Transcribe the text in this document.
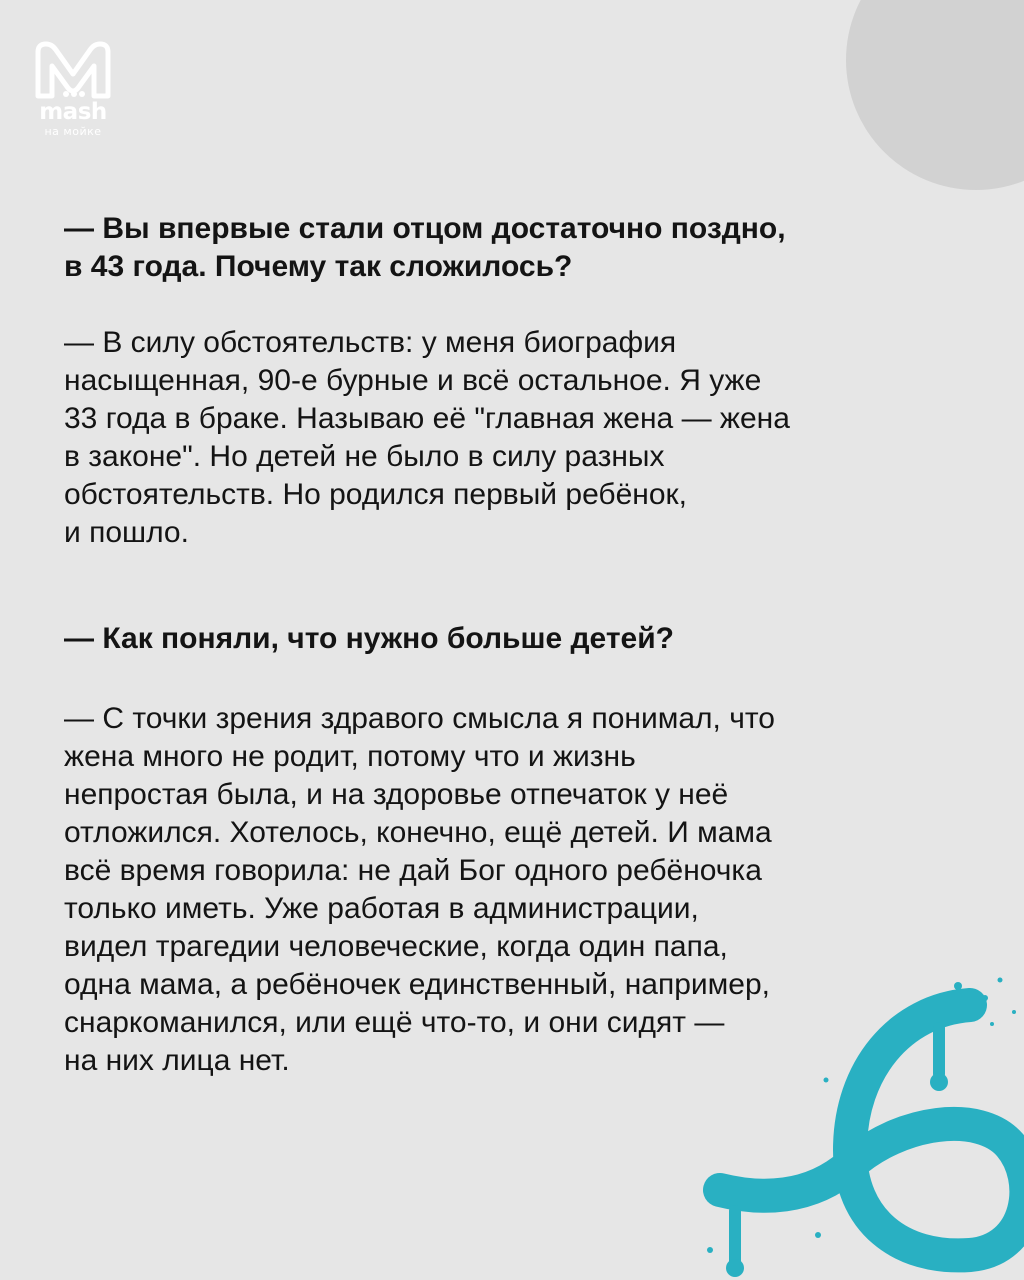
mash
на мойке
— Вы впервые стали отцом достаточно поздно,
в 43 года. Почему так сложилось?

— В силу обстоятельств: у меня биография
насыщенная, 90-е бурные и всё остальное. Я уже
33 года в браке. Называю её "главная жена — жена
в законе". Но детей не было в силу разных
обстоятельств. Но родился первый ребёнок,
и пошло.

— Как поняли, что нужно больше детей?

— С точки зрения здравого смысла я понимал, что
жена много не родит, потому что и жизнь
непростая была, и на здоровье отпечаток у неё
отложился. Хотелось, конечно, ещё детей. И мама
всё время говорила: не дай Бог одного ребёночка
только иметь. Уже работая в администрации,
видел трагедии человеческие, когда один папа,
одна мама, а ребёночек единственный, например,
снаркоманился, или ещё что-то, и они сидят —
на них лица нет.
